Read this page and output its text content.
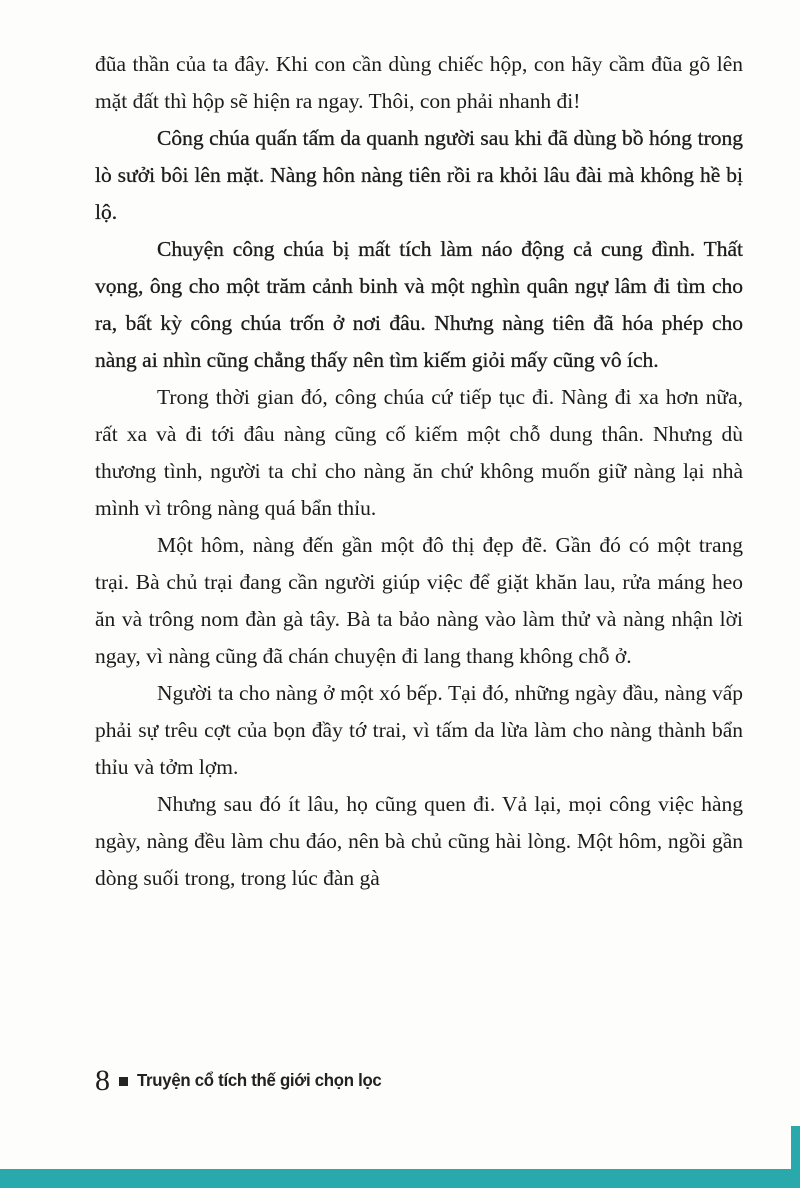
đũa thần của ta đây. Khi con cần dùng chiếc hộp, con hãy cầm đũa gõ lên mặt đất thì hộp sẽ hiện ra ngay. Thôi, con phải nhanh đi!

Công chúa quấn tấm da quanh người sau khi đã dùng bồ hóng trong lò sưởi bôi lên mặt. Nàng hôn nàng tiên rồi ra khỏi lâu đài mà không hề bị lộ.

Chuyện công chúa bị mất tích làm náo động cả cung đình. Thất vọng, ông cho một trăm cảnh binh và một nghìn quân ngự lâm đi tìm cho ra, bất kỳ công chúa trốn ở nơi đâu. Nhưng nàng tiên đã hóa phép cho nàng ai nhìn cũng chẳng thấy nên tìm kiếm giỏi mấy cũng vô ích.

Trong thời gian đó, công chúa cứ tiếp tục đi. Nàng đi xa hơn nữa, rất xa và đi tới đâu nàng cũng cố kiếm một chỗ dung thân. Nhưng dù thương tình, người ta chỉ cho nàng ăn chứ không muốn giữ nàng lại nhà mình vì trông nàng quá bẩn thỉu.

Một hôm, nàng đến gần một đô thị đẹp đẽ. Gần đó có một trang trại. Bà chủ trại đang cần người giúp việc để giặt khăn lau, rửa máng heo ăn và trông nom đàn gà tây. Bà ta bảo nàng vào làm thử và nàng nhận lời ngay, vì nàng cũng đã chán chuyện đi lang thang không chỗ ở.

Người ta cho nàng ở một xó bếp. Tại đó, những ngày đầu, nàng vấp phải sự trêu cợt của bọn đầy tớ trai, vì tấm da lừa làm cho nàng thành bẩn thỉu và tởm lợm.

Nhưng sau đó ít lâu, họ cũng quen đi. Vả lại, mọi công việc hàng ngày, nàng đều làm chu đáo, nên bà chủ cũng hài lòng. Một hôm, ngồi gần dòng suối trong, trong lúc đàn gà

8 Truyện cổ tích thế giới chọn lọc
